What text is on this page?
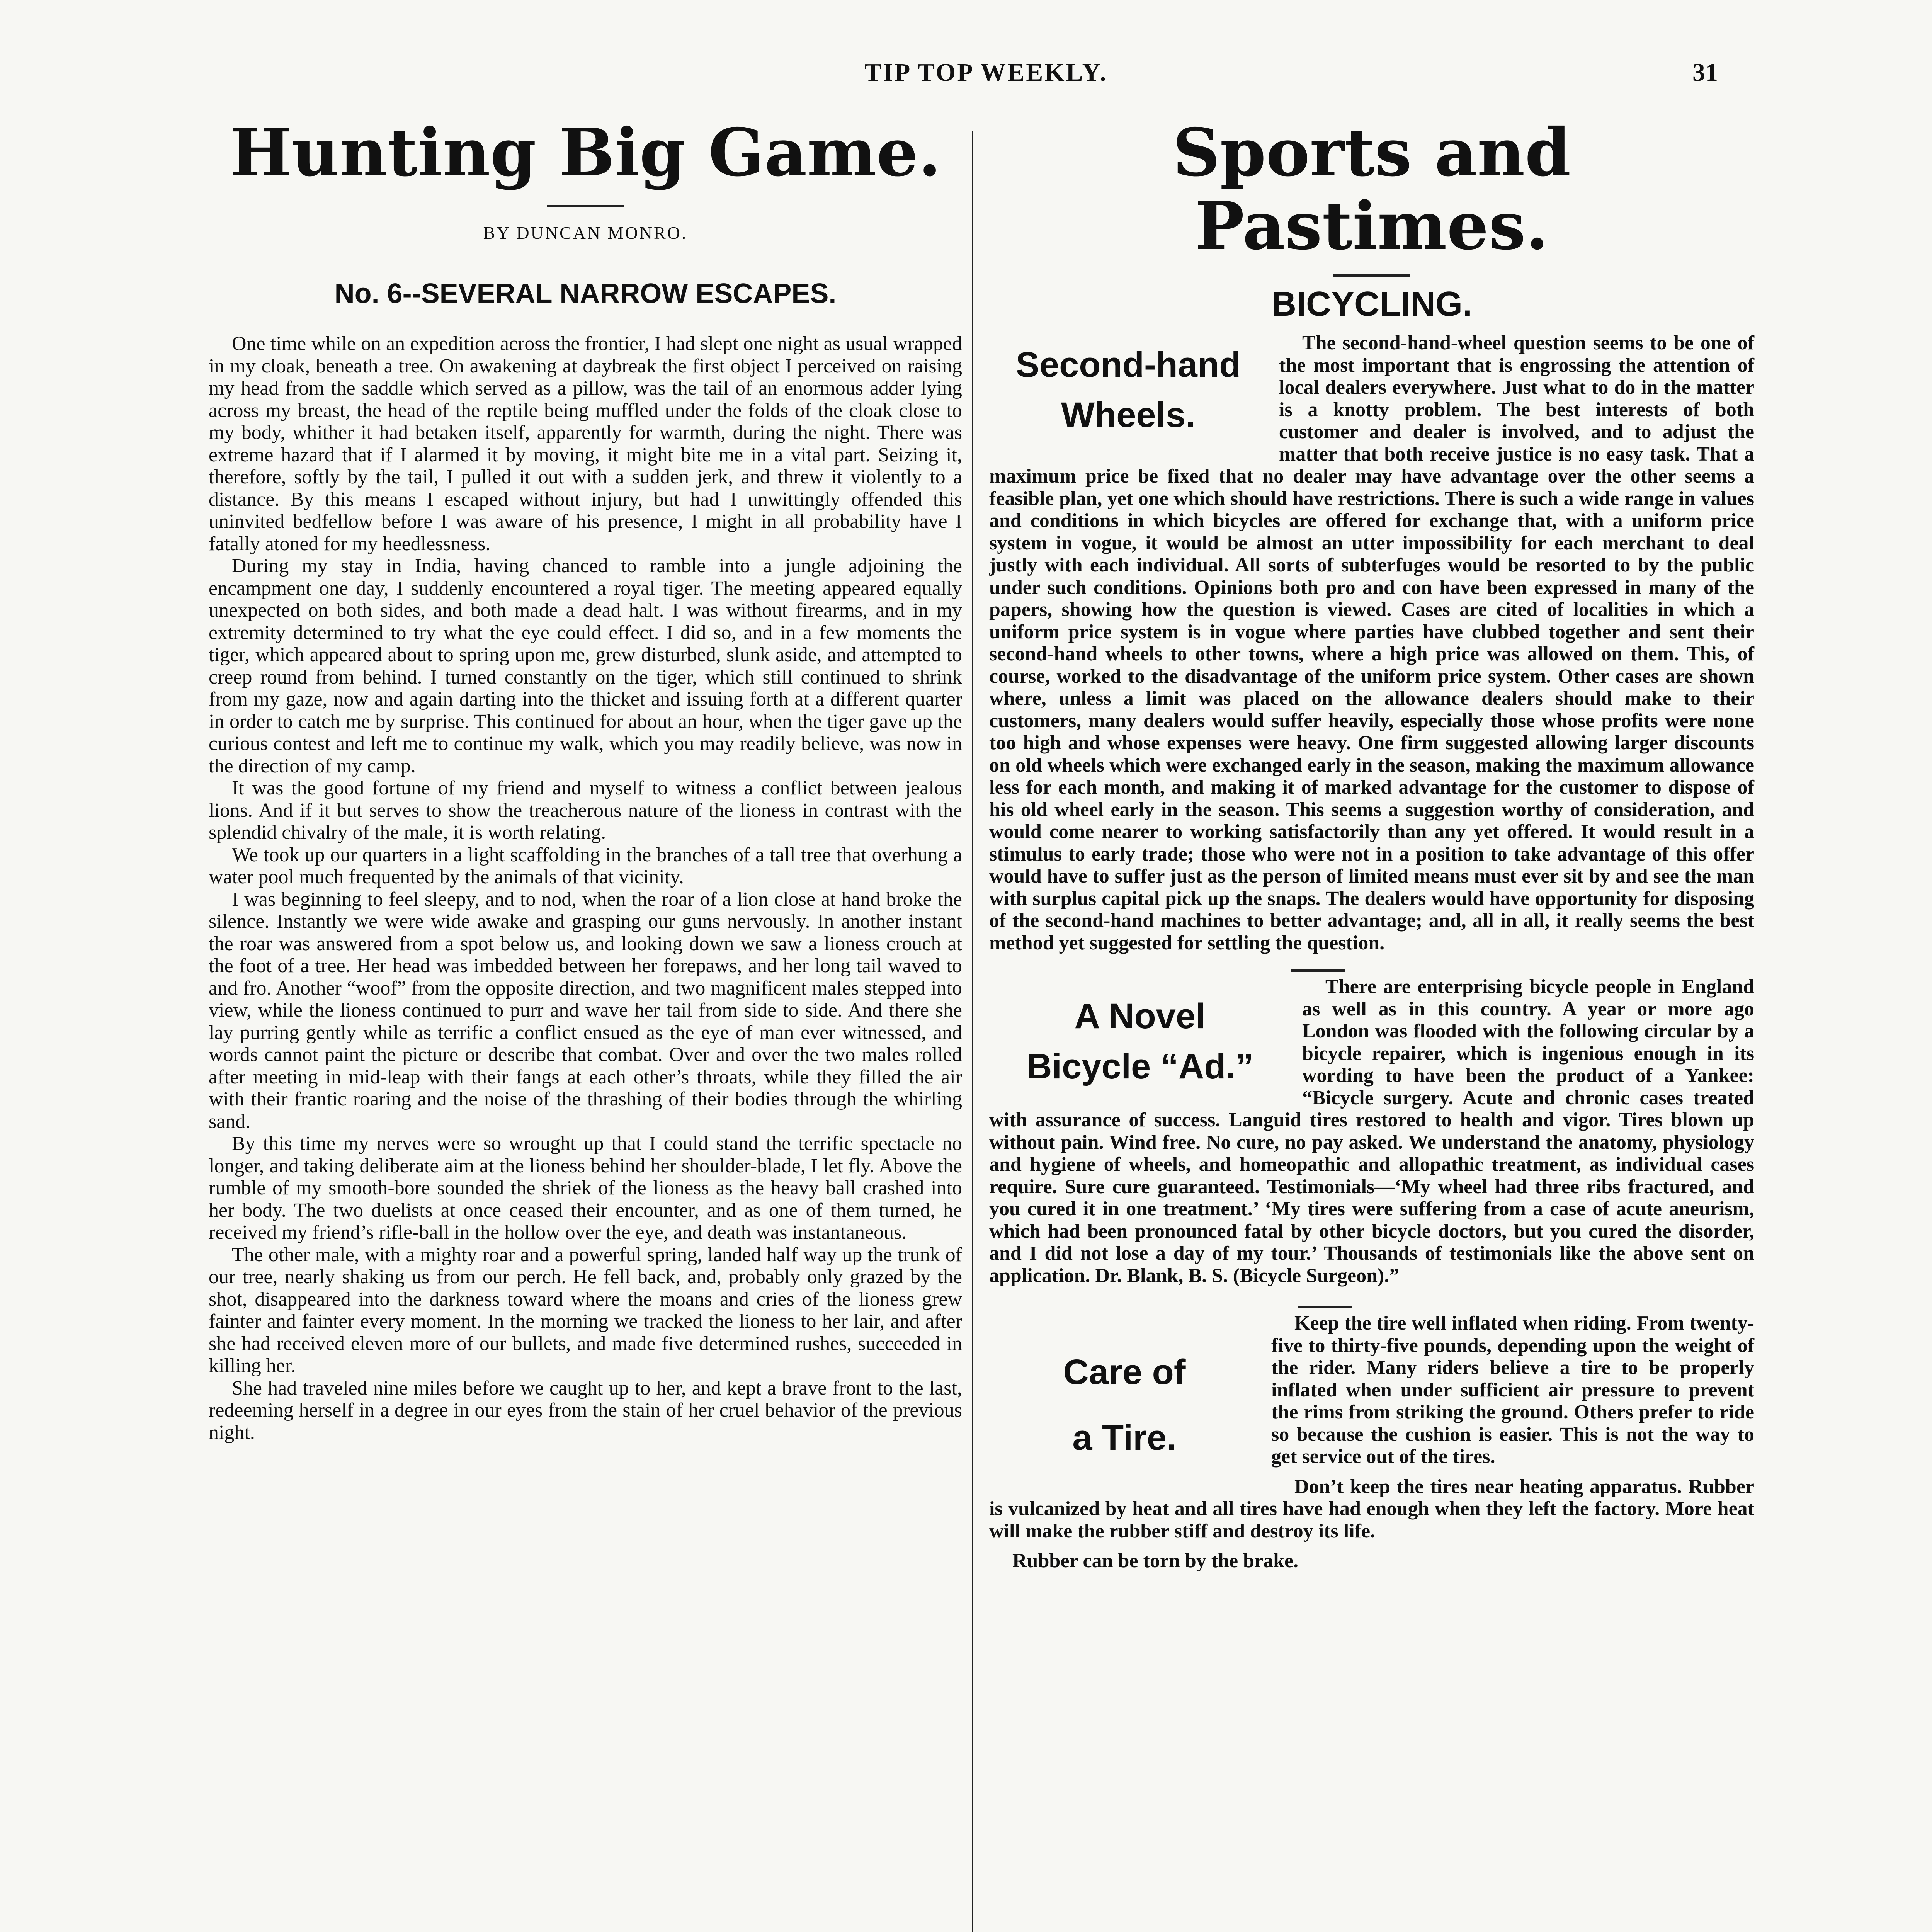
TIP TOP WEEKLY.	31
Hunting Big Game.
BY DUNCAN MONRO.
No. 6--SEVERAL NARROW ESCAPES.

One time while on an expedition across the frontier, I had slept one night as usual wrapped in my cloak, beneath a tree. On awakening at daybreak the first object I perceived on raising my head from the saddle which served as a pillow, was the tail of an enormous adder lying across my breast, the head of the reptile being muffled under the folds of the cloak close to my body, whither it had betaken itself, apparently for warmth, during the night. There was extreme hazard that if I alarmed it by moving, it might bite me in a vital part. Seizing it, therefore, softly by the tail, I pulled it out with a sudden jerk, and threw it violently to a distance. By this means I escaped without injury, but had I unwittingly offended this uninvited bedfellow before I was aware of his presence, I might in all probability have I fatally atoned for my heedlessness.

During my stay in India, having chanced to ramble into a jungle adjoining the encampment one day, I suddenly encountered a royal tiger. The meeting appeared equally unexpected on both sides, and both made a dead halt. I was without firearms, and in my extremity determined to try what the eye could effect. I did so, and in a few moments the tiger, which appeared about to spring upon me, grew disturbed, slunk aside, and attempted to creep round from behind. I turned constantly on the tiger, which still continued to shrink from my gaze, now and again darting into the thicket and issuing forth at a different quarter in order to catch me by surprise. This continued for about an hour, when the tiger gave up the curious contest and left me to continue my walk, which you may readily believe, was now in the direction of my camp.

It was the good fortune of my friend and myself to witness a conflict between jealous lions. And if it but serves to show the treacherous nature of the lioness in contrast with the splendid chivalry of the male, it is worth relating.

We took up our quarters in a light scaffolding in the branches of a tall tree that overhung a water pool much frequented by the animals of that vicinity.

I was beginning to feel sleepy, and to nod, when the roar of a lion close at hand broke the silence. Instantly we were wide awake and grasping our guns nervously. In another instant the roar was answered from a spot below us, and looking down we saw a lioness crouch at the foot of a tree. Her head was imbedded between her forepaws, and her long tail waved to and fro. Another “woof” from the opposite direction, and two magnificent males stepped into view, while the lioness continued to purr and wave her tail from side to side. And there she lay purring gently while as terrific a conflict ensued as the eye of man ever witnessed, and words cannot paint the picture or describe that combat. Over and over the two males rolled after meeting in mid-leap with their fangs at each other’s throats, while they filled the air with their frantic roaring and the noise of the thrashing of their bodies through the whirling sand.

By this time my nerves were so wrought up that I could stand the terrific spectacle no longer, and taking deliberate aim at the lioness behind her shoulder-blade, I let fly. Above the rumble of my smooth-bore sounded the shriek of the lioness as the heavy ball crashed into her body. The two duelists at once ceased their encounter, and as one of them turned, he received my friend’s rifle-ball in the hollow over the eye, and death was instantaneous.

The other male, with a mighty roar and a powerful spring, landed half way up the trunk of our tree, nearly shaking us from our perch. He fell back, and, probably only grazed by the shot, disappeared into the darkness toward where the moans and cries of the lioness grew fainter and fainter every moment. In the morning we tracked the lioness to her lair, and after she had received eleven more of our bullets, and made five determined rushes, succeeded in killing her.

She had traveled nine miles before we caught up to her, and kept a brave front to the last, redeeming herself in a degree in our eyes from the stain of her cruel behavior of the previous night.

Sports and Pastimes.
BICYCLING.
Second-hand
Wheels.

The second-hand-wheel question seems to be one of the most important that is engrossing the attention of local dealers everywhere. Just what to do in the matter is a knotty problem. The best interests of both customer and dealer is involved, and to adjust the matter that both receive justice is no easy task. That a maximum price be fixed that no dealer may have advantage over the other seems a feasible plan, yet one which should have restrictions. There is such a wide range in values and conditions in which bicycles are offered for exchange that, with a uniform price system in vogue, it would be almost an utter impossibility for each merchant to deal justly with each individual. All sorts of subterfuges would be resorted to by the public under such conditions. Opinions both pro and con have been expressed in many of the papers, showing how the question is viewed. Cases are cited of localities in which a uniform price system is in vogue where parties have clubbed together and sent their second-hand wheels to other towns, where a high price was allowed on them. This, of course, worked to the disadvantage of the uniform price system. Other cases are shown where, unless a limit was placed on the allowance dealers should make to their customers, many dealers would suffer heavily, especially those whose profits were none too high and whose expenses were heavy. One firm suggested allowing larger discounts on old wheels which were exchanged early in the season, making the maximum allowance less for each month, and making it of marked advantage for the customer to dispose of his old wheel early in the season. This seems a suggestion worthy of consideration, and would come nearer to working satisfactorily than any yet offered. It would result in a stimulus to early trade; those who were not in a position to take advantage of this offer would have to suffer just as the person of limited means must ever sit by and see the man with surplus capital pick up the snaps. The dealers would have opportunity for disposing of the second-hand machines to better advantage; and, all in all, it really seems the best method yet suggested for settling the question.

A Novel
Bicycle “Ad.”

There are enterprising bicycle people in England as well as in this country. A year or more ago London was flooded with the following circular by a bicycle repairer, which is ingenious enough in its wording to have been the product of a Yankee: “Bicycle surgery. Acute and chronic cases treated with assurance of success. Languid tires restored to health and vigor. Tires blown up without pain. Wind free. No cure, no pay asked. We understand the anatomy, physiology and hygiene of wheels, and homeopathic and allopathic treatment, as individual cases require. Sure cure guaranteed. Testimonials—‘My wheel had three ribs fractured, and you cured it in one treatment.’ ‘My tires were suffering from a case of acute aneurism, which had been pronounced fatal by other bicycle doctors, but you cured the disorder, and I did not lose a day of my tour.’ Thousands of testimonials like the above sent on application. Dr. Blank, B. S. (Bicycle Surgeon).”

Care of
a Tire.

Keep the tire well inflated when riding. From twenty-five to thirty-five pounds, depending upon the weight of the rider. Many riders believe a tire to be properly inflated when under sufficient air pressure to prevent the rims from striking the ground. Others prefer to ride so because the cushion is easier. This is not the way to get service out of the tires.

Don’t keep the tires near heating apparatus. Rubber is vulcanized by heat and all tires have had enough when they left the factory. More heat will make the rubber stiff and destroy its life.

Rubber can be torn by the brake.
